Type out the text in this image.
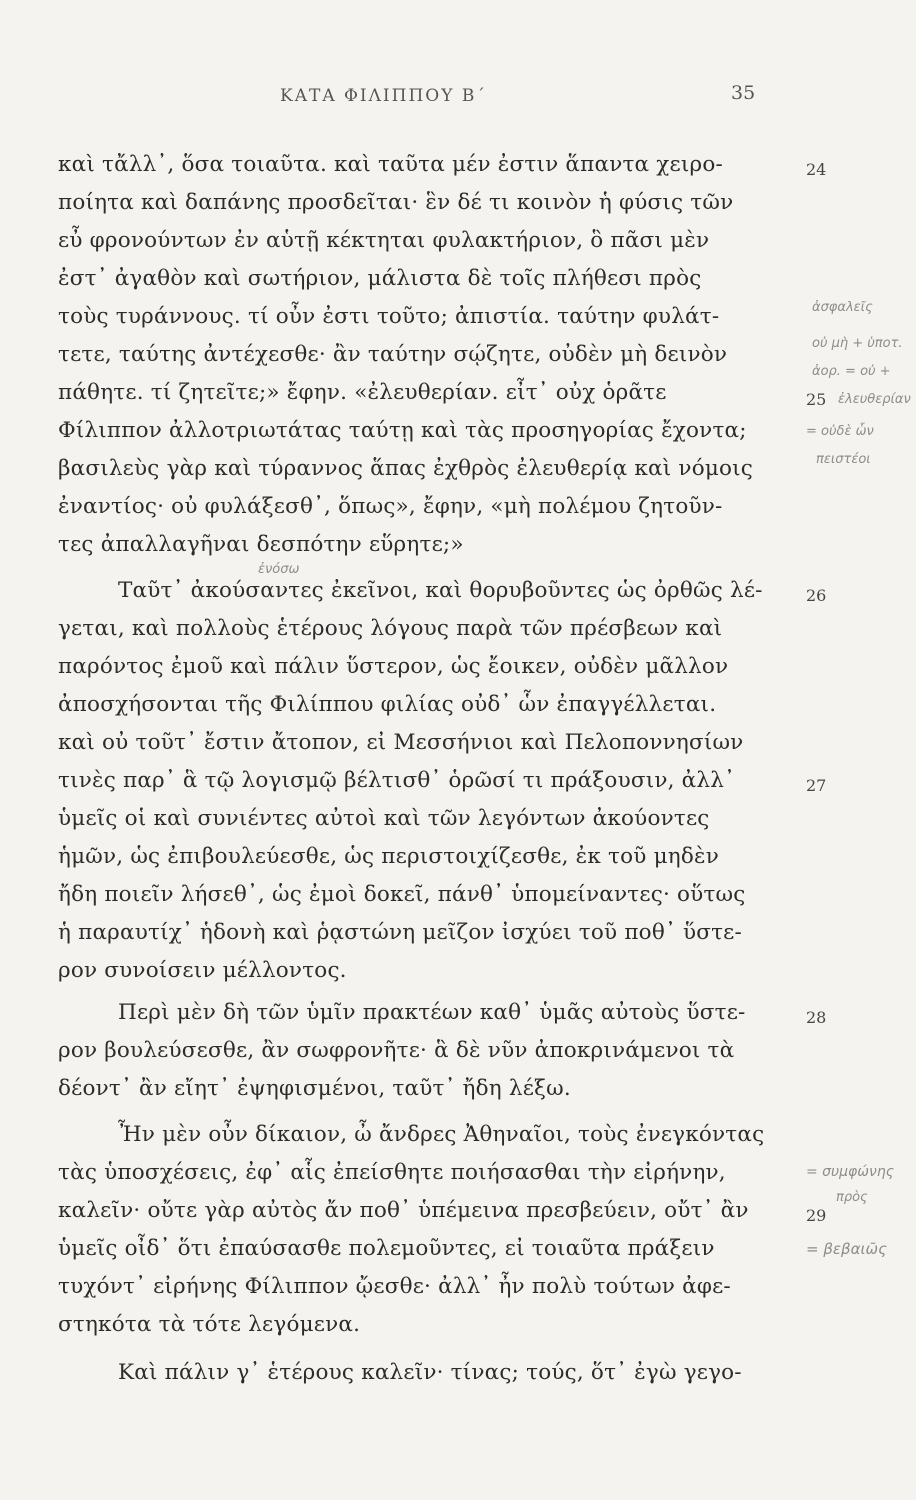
ΚΑΤΑ ΦΙΛΙΠΠΟΥ Β΄	35
καὶ τἄλλ᾽, ὅσα τοιαῦτα. καὶ ταῦτα μέν ἐστιν ἅπαντα χειρο-
ποίητα καὶ δαπάνης προσδεῖται· ἓν δέ τι κοινὸν ἡ φύσις τῶν
εὖ φρονούντων ἐν αὑτῇ κέκτηται φυλακτήριον, ὃ πᾶσι μὲν
ἐστ᾽ ἀγαθὸν καὶ σωτήριον, μάλιστα δὲ τοῖς πλήθεσι πρὸς
τοὺς τυράννους. τί οὖν ἐστι τοῦτο; ἀπιστία. ταύτην φυλάτ-
τετε, ταύτης ἀντέχεσθε· ἂν ταύτην σῴζητε, οὐδὲν μὴ δεινὸν
πάθητε. τί ζητεῖτε;» ἔφην. «ἐλευθερίαν. εἶτ᾽ οὐχ ὁρᾶτε
Φίλιππον ἀλλοτριωτάτας ταύτῃ καὶ τὰς προσηγορίας ἔχοντα;
βασιλεὺς γὰρ καὶ τύραννος ἅπας ἐχθρὸς ἐλευθερίᾳ καὶ νόμοις
ἐναντίος· οὐ φυλάξεσθ᾽, ὅπως», ἔφην, «μὴ πολέμου ζητοῦν-
τες ἀπαλλαγῆναι δεσπότην εὕρητε;»
Ταῦτ᾽ ἀκούσαντες ἐκεῖνοι, καὶ θορυβοῦντες ὡς ὀρθῶς λέ-
γεται, καὶ πολλοὺς ἑτέρους λόγους παρὰ τῶν πρέσβεων καὶ
παρόντος ἐμοῦ καὶ πάλιν ὕστερον, ὡς ἔοικεν, οὐδὲν μᾶλλον
ἀποσχήσονται τῆς Φιλίππου φιλίας οὐδ᾽ ὧν ἐπαγγέλλεται.
καὶ οὐ τοῦτ᾽ ἔστιν ἄτοπον, εἰ Μεσσήνιοι καὶ Πελοποννησίων
τινὲς παρ᾽ ἃ τῷ λογισμῷ βέλτισθ᾽ ὁρῶσί τι πράξουσιν, ἀλλ᾽
ὑμεῖς οἱ καὶ συνιέντες αὐτοὶ καὶ τῶν λεγόντων ἀκούοντες
ἡμῶν, ὡς ἐπιβουλεύεσθε, ὡς περιστοιχίζεσθε, ἐκ τοῦ μηδὲν
ἤδη ποιεῖν λήσεθ᾽, ὡς ἐμοὶ δοκεῖ, πάνθ᾽ ὑπομείναντες· οὕτως
ἡ παραυτίχ᾽ ἡδονὴ καὶ ῥᾳστώνη μεῖζον ἰσχύει τοῦ ποθ᾽ ὕστε-
ρον συνοίσειν μέλλοντος.
Περὶ μὲν δὴ τῶν ὑμῖν πρακτέων καθ᾽ ὑμᾶς αὐτοὺς ὕστε-
ρον βουλεύσεσθε, ἂν σωφρονῆτε· ἃ δὲ νῦν ἀποκρινάμενοι τὰ
δέοντ᾽ ἂν εἴητ᾽ ἐψηφισμένοι, ταῦτ᾽ ἤδη λέξω.
Ἦν μὲν οὖν δίκαιον, ὦ ἄνδρες Ἀθηναῖοι, τοὺς ἐνεγκόντας
τὰς ὑποσχέσεις, ἐφ᾽ αἷς ἐπείσθητε ποιήσασθαι τὴν εἰρήνην,
καλεῖν· οὔτε γὰρ αὐτὸς ἄν ποθ᾽ ὑπέμεινα πρεσβεύειν, οὔτ᾽ ἂν
ὑμεῖς οἶδ᾽ ὅτι ἐπαύσασθε πολεμοῦντες, εἰ τοιαῦτα πράξειν
τυχόντ᾽ εἰρήνης Φίλιππον ᾤεσθε· ἀλλ᾽ ἦν πολὺ τούτων ἀφε-
στηκότα τὰ τότε λεγόμενα.
Καὶ πάλιν γ᾽ ἑτέρους καλεῖν· τίνας; τούς, ὅτ᾽ ἐγὼ γεγο-
24
25
26
27
28
29
ἀσφαλεῖς
οὐ μὴ + ὑποτ.
ἀορ. = οὐ +
ἐλευθερίαν
= οὐδὲ ὧν
πειστέοι
ἐνόσω
= συμφώνης
πρὸς
= βεβαιῶς
